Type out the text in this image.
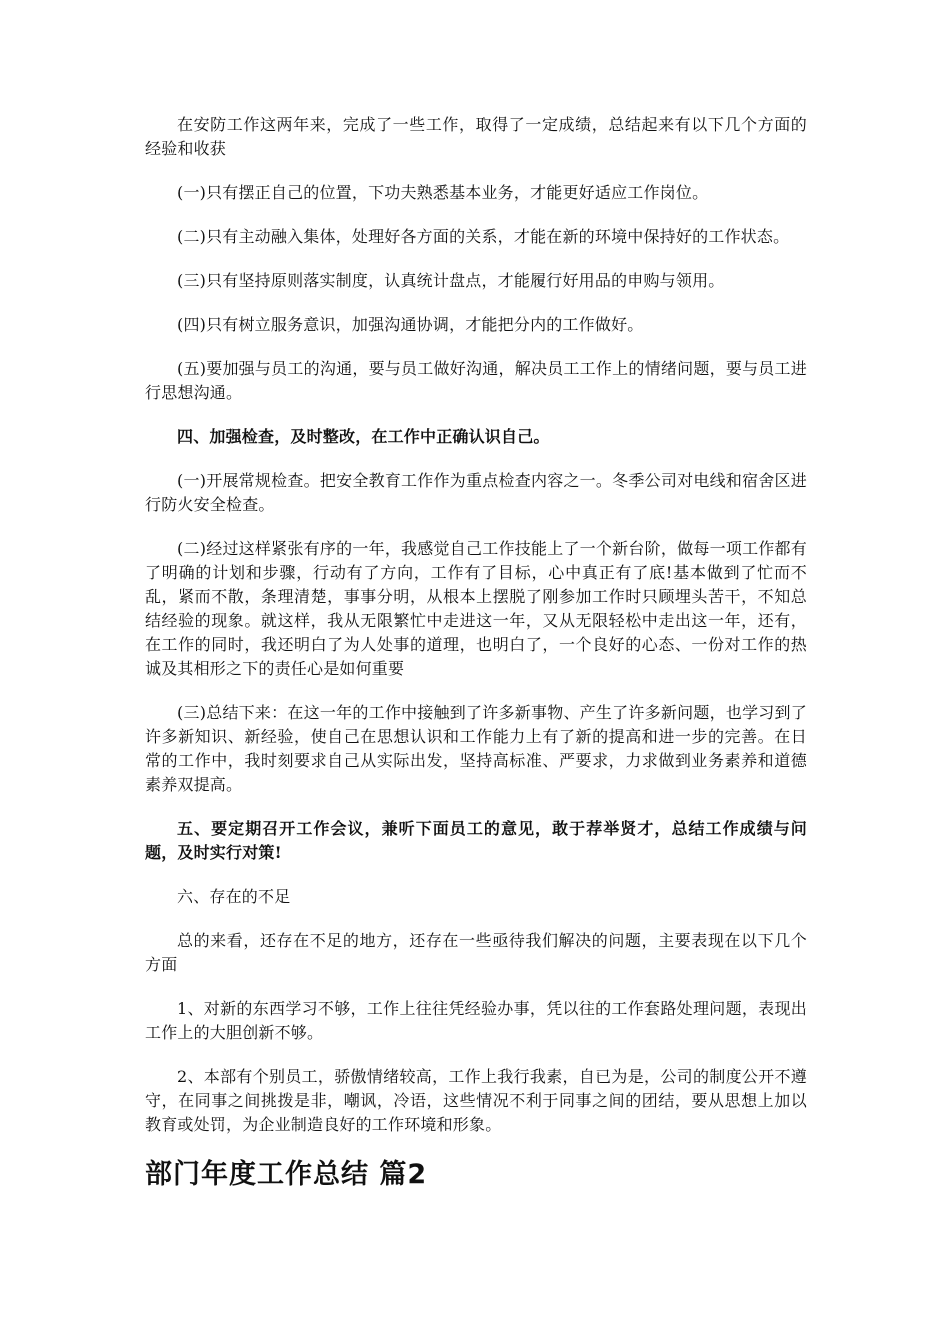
在安防工作这两年来，完成了一些工作，取得了一定成绩，总结起来有以下几个方面的经验和收获

(一)只有摆正自己的位置，下功夫熟悉基本业务，才能更好适应工作岗位。

(二)只有主动融入集体，处理好各方面的关系，才能在新的环境中保持好的工作状态。

(三)只有坚持原则落实制度，认真统计盘点，才能履行好用品的申购与领用。

(四)只有树立服务意识，加强沟通协调，才能把分内的工作做好。

(五)要加强与员工的沟通，要与员工做好沟通，解决员工工作上的情绪问题，要与员工进行思想沟通。

四、加强检查，及时整改，在工作中正确认识自己。

(一)开展常规检查。把安全教育工作作为重点检查内容之一。冬季公司对电线和宿舍区进行防火安全检查。

(二)经过这样紧张有序的一年，我感觉自己工作技能上了一个新台阶，做每一项工作都有了明确的计划和步骤，行动有了方向，工作有了目标，心中真正有了底!基本做到了忙而不乱，紧而不散，条理清楚，事事分明，从根本上摆脱了刚参加工作时只顾埋头苦干，不知总结经验的现象。就这样，我从无限繁忙中走进这一年，又从无限轻松中走出这一年，还有，在工作的同时，我还明白了为人处事的道理，也明白了，一个良好的心态、一份对工作的热诚及其相形之下的责任心是如何重要

(三)总结下来：在这一年的工作中接触到了许多新事物、产生了许多新问题，也学习到了许多新知识、新经验，使自己在思想认识和工作能力上有了新的提高和进一步的完善。在日常的工作中，我时刻要求自己从实际出发，坚持高标准、严要求，力求做到业务素养和道德素养双提高。

五、要定期召开工作会议，兼听下面员工的意见，敢于荐举贤才，总结工作成绩与问题，及时实行对策!

六、存在的不足

总的来看，还存在不足的地方，还存在一些亟待我们解决的问题，主要表现在以下几个方面

1、对新的东西学习不够，工作上往往凭经验办事，凭以往的工作套路处理问题，表现出工作上的大胆创新不够。

2、本部有个别员工，骄傲情绪较高，工作上我行我素，自已为是，公司的制度公开不遵守，在同事之间挑拨是非，嘲讽，冷语，这些情况不利于同事之间的团结，要从思想上加以教育或处罚，为企业制造良好的工作环境和形象。

部门年度工作总结 篇2
